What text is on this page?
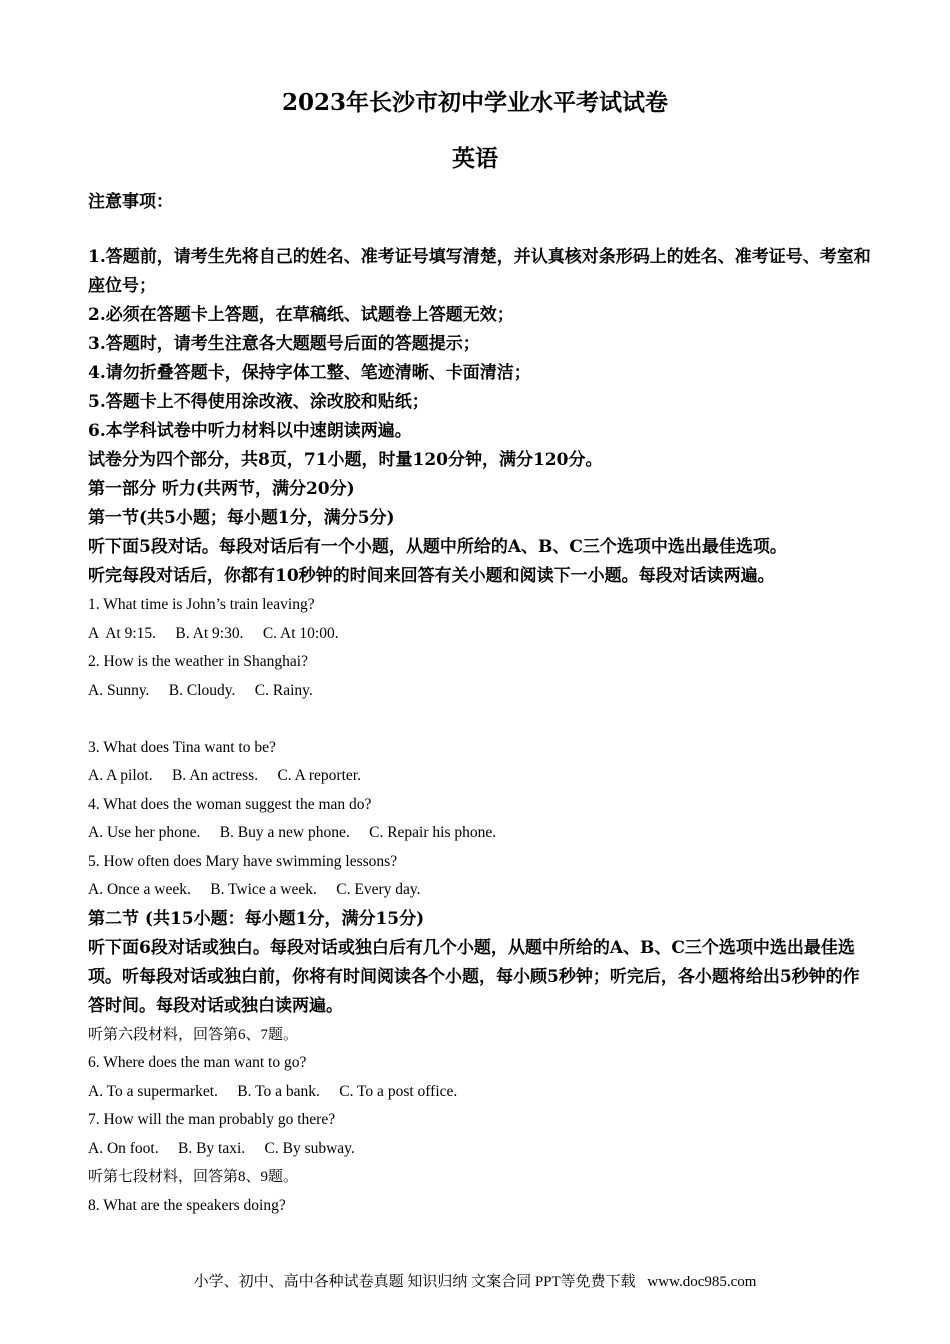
2023年长沙市初中学业水平考试试卷
英语
注意事项：

1.答题前，请考生先将自己的姓名、准考证号填写清楚，并认真核对条形码上的姓名、准考证号、考室和座位号；

2.必须在答题卡上答题，在草稿纸、试题卷上答题无效；

3.答题时，请考生注意各大题题号后面的答题提示；

4.请勿折叠答题卡，保持字体工整、笔迹清晰、卡面清洁；

5.答题卡上不得使用涂改液、涂改胶和贴纸；

6.本学科试卷中听力材料以中速朗读两遍。

试卷分为四个部分，共8页，71小题，时量120分钟，满分120分。

第一部分 听力(共两节，满分20分)

第一节(共5小题；每小题1分，满分5分)

听下面5段对话。每段对话后有一个小题，从题中所给的A、B、C三个选项中选出最佳选项。

听完每段对话后，你都有10秒钟的时间来回答有关小题和阅读下一小题。每段对话读两遍。

1. What time is John’s train leaving?

A  At 9:15.     B. At 9:30.     C. At 10:00.

2. How is the weather in Shanghai?

A. Sunny.     B. Cloudy.     C. Rainy.

3. What does Tina want to be?

A. A pilot.     B. An actress.     C. A reporter.

4. What does the woman suggest the man do?

A. Use her phone.     B. Buy a new phone.     C. Repair his phone.

5. How often does Mary have swimming lessons?

A. Once a week.     B. Twice a week.     C. Every day.

第二节 (共15小题：每小题1分，满分15分)

听下面6段对话或独白。每段对话或独白后有几个小题，从题中所给的A、B、C三个选项中选出最佳选项。听每段对话或独白前，你将有时间阅读各个小题，每小顾5秒钟；听完后，各小题将给出5秒钟的作答时间。每段对话或独白读两遍。

听第六段材料，回答第6、7题。

6. Where does the man want to go?

A. To a supermarket.     B. To a bank.     C. To a post office.

7. How will the man probably go there?

A. On foot.     B. By taxi.     C. By subway.

听第七段材料，回答第8、9题。

8. What are the speakers doing?

小学、初中、高中各种试卷真题 知识归纳 文案合同 PPT等免费下载 www.doc985.com
